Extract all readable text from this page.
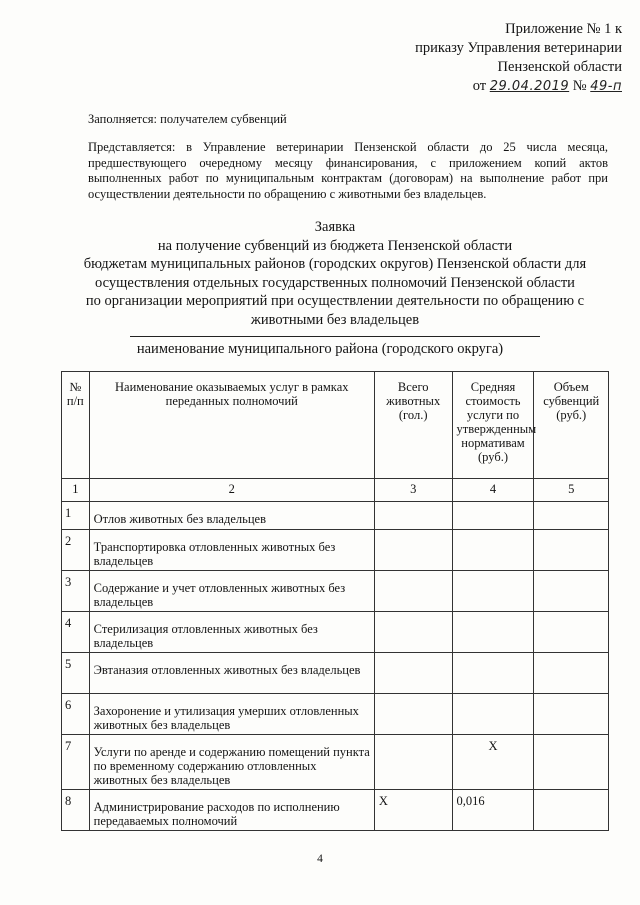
Приложение № 1 к
приказу Управления ветеринарии
Пензенской области
от 29.04.2019 № 49-п
Заполняется: получателем субвенций
Представляется: в Управление ветеринарии Пензенской области до 25 числа месяца, предшествующего очередному месяцу финансирования, с приложением копий актов выполненных работ по муниципальным контрактам (договорам) на выполнение работ при осуществлении деятельности по обращению с животными без владельцев.
Заявка
на получение субвенций из бюджета Пензенской области
бюджетам муниципальных районов (городских округов) Пензенской области для
осуществления отдельных государственных полномочий Пензенской области
по организации мероприятий при осуществлении деятельности по обращению с
животными без владельцев
наименование муниципального района (городского округа)
№ п/п	Наименование оказываемых услуг в рамках переданных полномочий	Всего животных (гол.)	Средняя стоимость услуги по утвержденным нормативам (руб.)	Объем субвенций (руб.)
1	2	3	4	5
1	Отлов животных без владельцев			
2	Транспортировка отловленных животных без владельцев			
3	Содержание и учет отловленных животных без владельцев			
4	Стерилизация отловленных животных без владельцев			
5	Эвтаназия отловленных животных без владельцев			
6	Захоронение и утилизация умерших отловленных животных без владельцев			
7	Услуги по аренде и содержанию помещений пункта по временному содержанию отловленных животных без владельцев		X	
8	Администрирование расходов по исполнению передаваемых полномочий	X	0,016	
4
